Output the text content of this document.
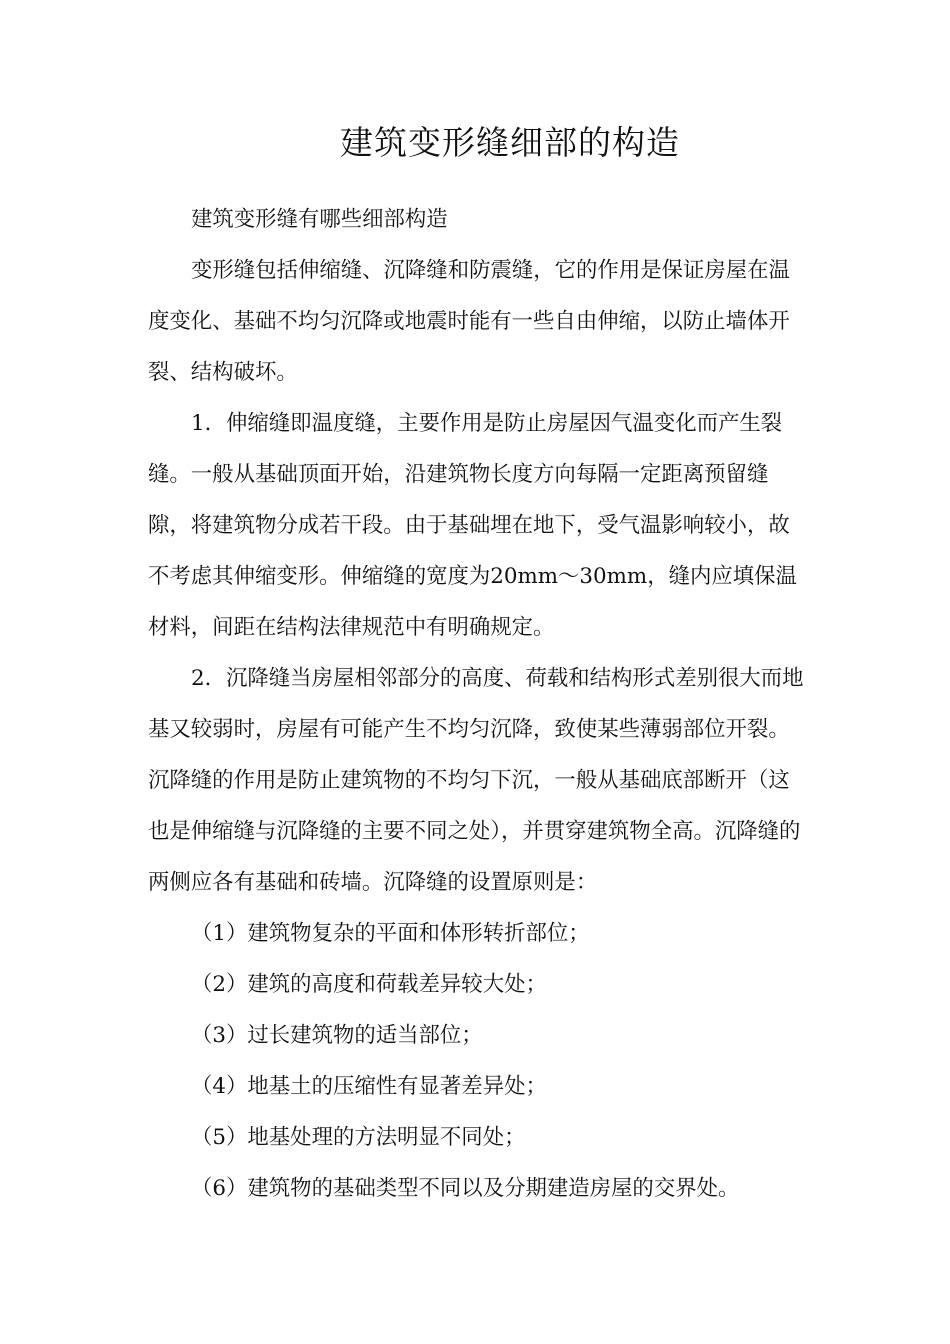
建筑变形缝细部的构造

建筑变形缝有哪些细部构造

变形缝包括伸缩缝、沉降缝和防震缝，它的作用是保证房屋在温度变化、基础不均匀沉降或地震时能有一些自由伸缩，以防止墙体开裂、结构破坏。

1．伸缩缝即温度缝，主要作用是防止房屋因气温变化而产生裂缝。一般从基础顶面开始，沿建筑物长度方向每隔一定距离预留缝隙，将建筑物分成若干段。由于基础埋在地下，受气温影响较小，故不考虑其伸缩变形。伸缩缝的宽度为20mm～30mm，缝内应填保温材料，间距在结构法律规范中有明确规定。

2．沉降缝当房屋相邻部分的高度、荷载和结构形式差别很大而地基又较弱时，房屋有可能产生不均匀沉降，致使某些薄弱部位开裂。沉降缝的作用是防止建筑物的不均匀下沉，一般从基础底部断开（这也是伸缩缝与沉降缝的主要不同之处），并贯穿建筑物全高。沉降缝的两侧应各有基础和砖墙。沉降缝的设置原则是：

（1）建筑物复杂的平面和体形转折部位；

（2）建筑的高度和荷载差异较大处；

（3）过长建筑物的适当部位；

（4）地基土的压缩性有显著差异处；

（5）地基处理的方法明显不同处；

（6）建筑物的基础类型不同以及分期建造房屋的交界处。
